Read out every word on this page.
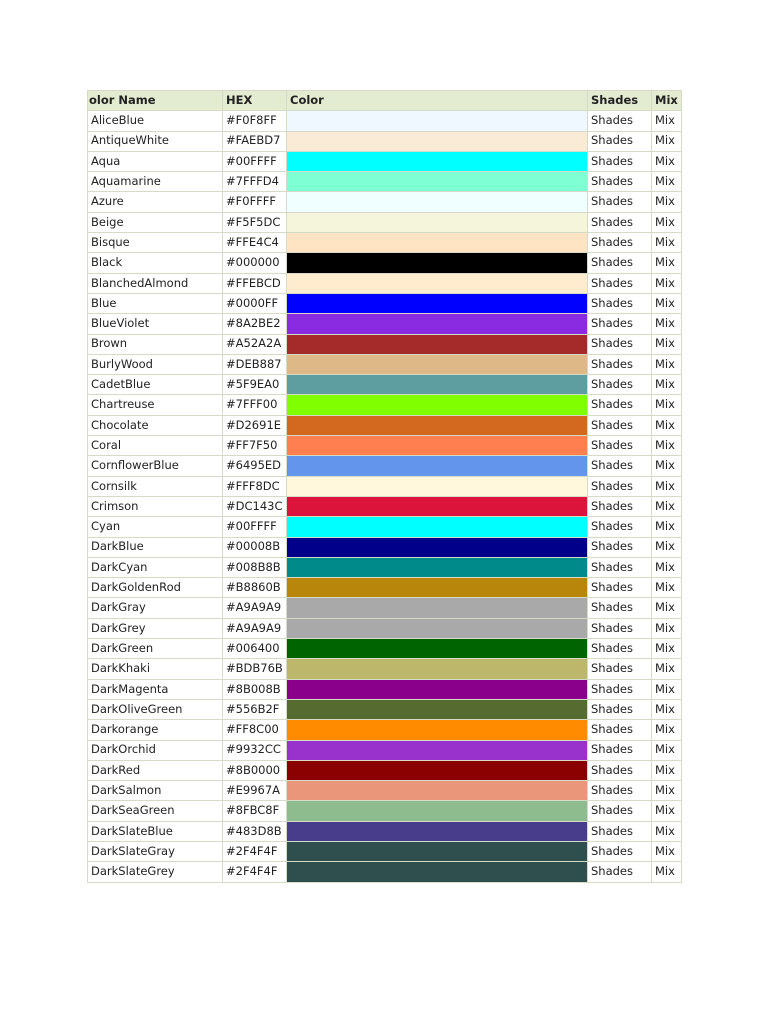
olor Name	HEX	Color	Shades	Mix
AliceBlue	#F0F8FF		Shades	Mix
AntiqueWhite	#FAEBD7		Shades	Mix
Aqua	#00FFFF		Shades	Mix
Aquamarine	#7FFFD4		Shades	Mix
Azure	#F0FFFF		Shades	Mix
Beige	#F5F5DC		Shades	Mix
Bisque	#FFE4C4		Shades	Mix
Black	#000000		Shades	Mix
BlanchedAlmond	#FFEBCD		Shades	Mix
Blue	#0000FF		Shades	Mix
BlueViolet	#8A2BE2		Shades	Mix
Brown	#A52A2A		Shades	Mix
BurlyWood	#DEB887		Shades	Mix
CadetBlue	#5F9EA0		Shades	Mix
Chartreuse	#7FFF00		Shades	Mix
Chocolate	#D2691E		Shades	Mix
Coral	#FF7F50		Shades	Mix
CornflowerBlue	#6495ED		Shades	Mix
Cornsilk	#FFF8DC		Shades	Mix
Crimson	#DC143C		Shades	Mix
Cyan	#00FFFF		Shades	Mix
DarkBlue	#00008B		Shades	Mix
DarkCyan	#008B8B		Shades	Mix
DarkGoldenRod	#B8860B		Shades	Mix
DarkGray	#A9A9A9		Shades	Mix
DarkGrey	#A9A9A9		Shades	Mix
DarkGreen	#006400		Shades	Mix
DarkKhaki	#BDB76B		Shades	Mix
DarkMagenta	#8B008B		Shades	Mix
DarkOliveGreen	#556B2F		Shades	Mix
Darkorange	#FF8C00		Shades	Mix
DarkOrchid	#9932CC		Shades	Mix
DarkRed	#8B0000		Shades	Mix
DarkSalmon	#E9967A		Shades	Mix
DarkSeaGreen	#8FBC8F		Shades	Mix
DarkSlateBlue	#483D8B		Shades	Mix
DarkSlateGray	#2F4F4F		Shades	Mix
DarkSlateGrey	#2F4F4F		Shades	Mix
